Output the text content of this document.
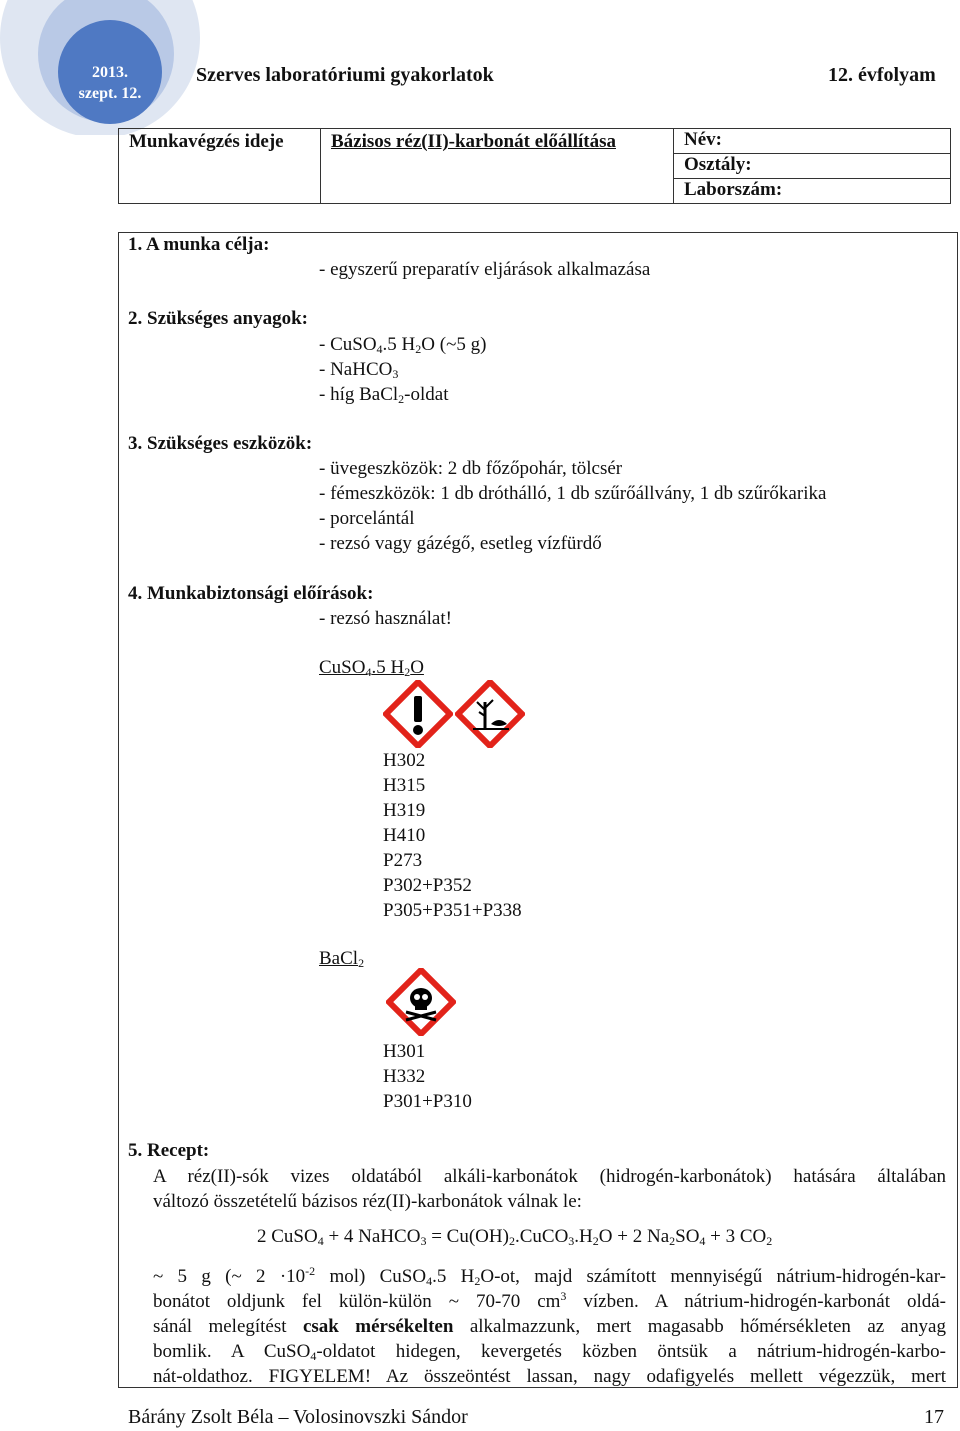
2013.
szept. 12.
Szerves laboratóriumi gyakorlatok	12. évfolyam
Munkavégzés ideje	Bázisos réz(II)-karbonát előállítása	Név:
Osztály:
Laborszám:
1. A munka célja:
- egyszerű preparatív eljárások alkalmazása
2. Szükséges anyagok:
- CuSO$_4$.5 $H_2O$ (~5 g)
- NaHCO$_3$
- híg BaCl$_2$-oldat
3. Szükséges eszközök:
- üvegeszközök: 2 db főzőpohár, tölcsér
- fémeszközök: 1 db dróthálló, 1 db szűrőállvány, 1 db szűrőkarika
- porcelántál
- rezsó vagy gázégő, esetleg vízfürdő
4. Munkabiztonsági előírások:
- rezsó használat!
CuSO$_4$.5 $H_2O$
H302
H315
H319
H410
P273
P302+P352
P305+P351+P338
BaCl$_2$
H301
H332
P301+P310
5. Recept:
A réz(II)-sók vizes oldatából alkáli-karbonátok (hidrogén-karbonátok) hatására általában
változó összetételű bázisos réz(II)-karbonátok válnak le:
2 CuSO$_4$ + 4 NaHCO$_3$ = $Cu(OH)_2.CuCO_3.H_2O + 2$ $Na_2SO_4 + 3$ $CO_2$
~ 5 g (~ $2 \cdot 10^{-2}$ mol) CuSO$_4$.5 $H_2O-ot$, majd számított mennyiségű nátrium-hidrogén-kar-
bonátot oldjunk fel külön-külön ~ 70-70 $cm^3$ vízben. A nátrium-hidrogén-karbonát oldá-
sánál melegítést csak mérsékelten alkalmazzunk, mert magasabb hőmérsékleten az anyag
bomlik. A CuSO$_4$-oldatot hidegen, kevergetés közben öntsük a nátrium-hidrogén-karbo-
nát-oldathoz. FIGYELEM! Az összeöntést lassan, nagy odafigyelés mellett végezzük, mert
Bárány Zsolt Béla – Volosinovszki Sándor	17
